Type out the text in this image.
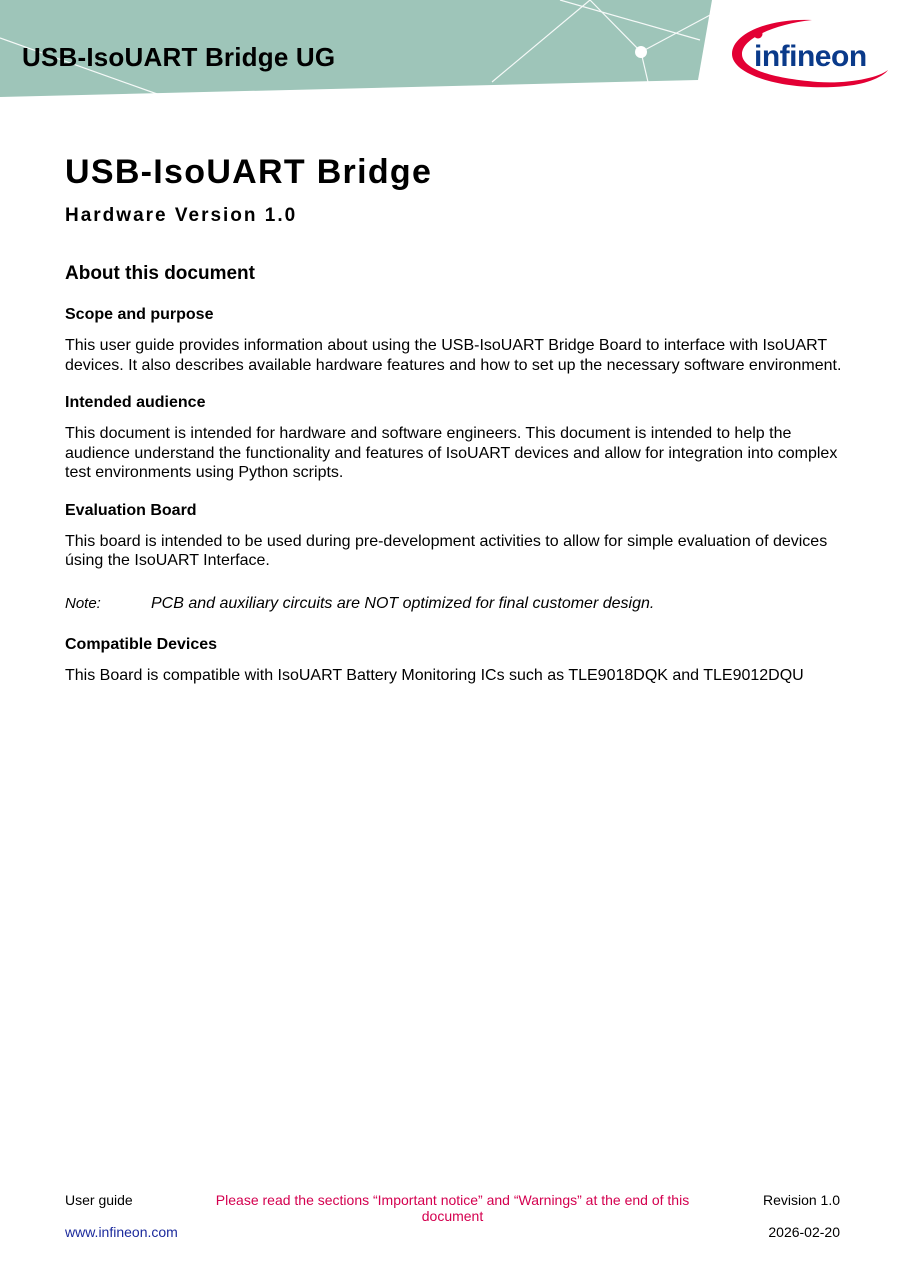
USB-IsoUART Bridge UG	infineon
USB-IsoUART Bridge
Hardware Version 1.0
About this document
Scope and purpose

This user guide provides information about using the USB-IsoUART Bridge Board to interface with IsoUART devices. It also describes available hardware features and how to set up the necessary software environment.

Intended audience

This document is intended for hardware and software engineers. This document is intended to help the audience understand the functionality and features of IsoUART devices and allow for integration into complex test environments using Python scripts.

Evaluation Board

This board is intended to be used during pre-development activities to allow for simple evaluation of devices úsing the IsoUART Interface.

Note:	PCB and auxiliary circuits are NOT optimized for final customer design.
Compatible Devices

This Board is compatible with IsoUART Battery Monitoring ICs such as TLE9018DQK and TLE9012DQU

User guide	Please read the sections “Important notice” and “Warnings” at the end of this document
Revision 1.0
www.infineon.com	2026-02-20
